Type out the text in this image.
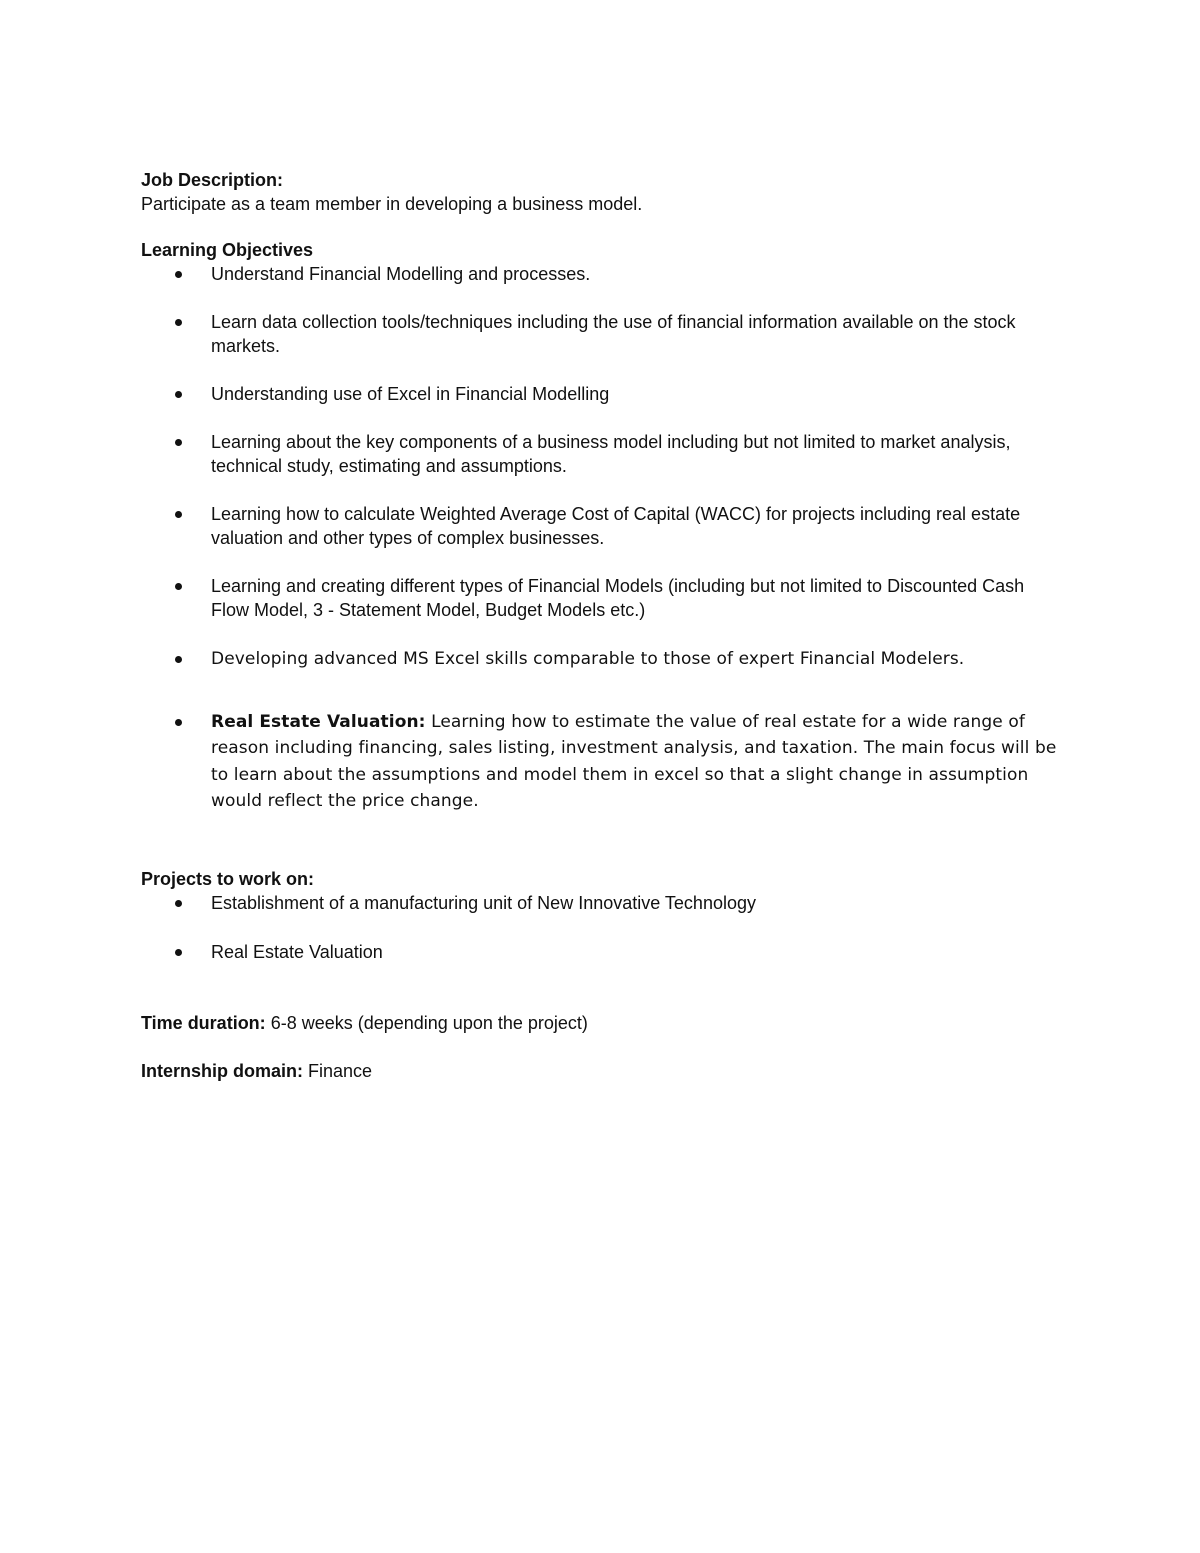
Job Description:

Participate as a team member in developing a business model.

Learning Objectives

Understand Financial Modelling and processes.
Learn data collection tools/techniques including the use of financial information available on the stock markets.
Understanding use of Excel in Financial Modelling
Learning about the key components of a business model including but not limited to market analysis, technical study, estimating and assumptions.
Learning how to calculate Weighted Average Cost of Capital (WACC) for projects including real estate valuation and other types of complex businesses.
Learning and creating different types of Financial Models (including but not limited to Discounted Cash Flow Model, 3 - Statement Model, Budget Models etc.)
Developing advanced MS Excel skills comparable to those of expert Financial Modelers.
Real Estate Valuation: Learning how to estimate the value of real estate for a wide range of reason including financing, sales listing, investment analysis, and taxation. The main focus will be to learn about the assumptions and model them in excel so that a slight change in assumption would reflect the price change.

Projects to work on:

Establishment of a manufacturing unit of New Innovative Technology
Real Estate Valuation

Time duration: 6-8 weeks (depending upon the project)

Internship domain: Finance
